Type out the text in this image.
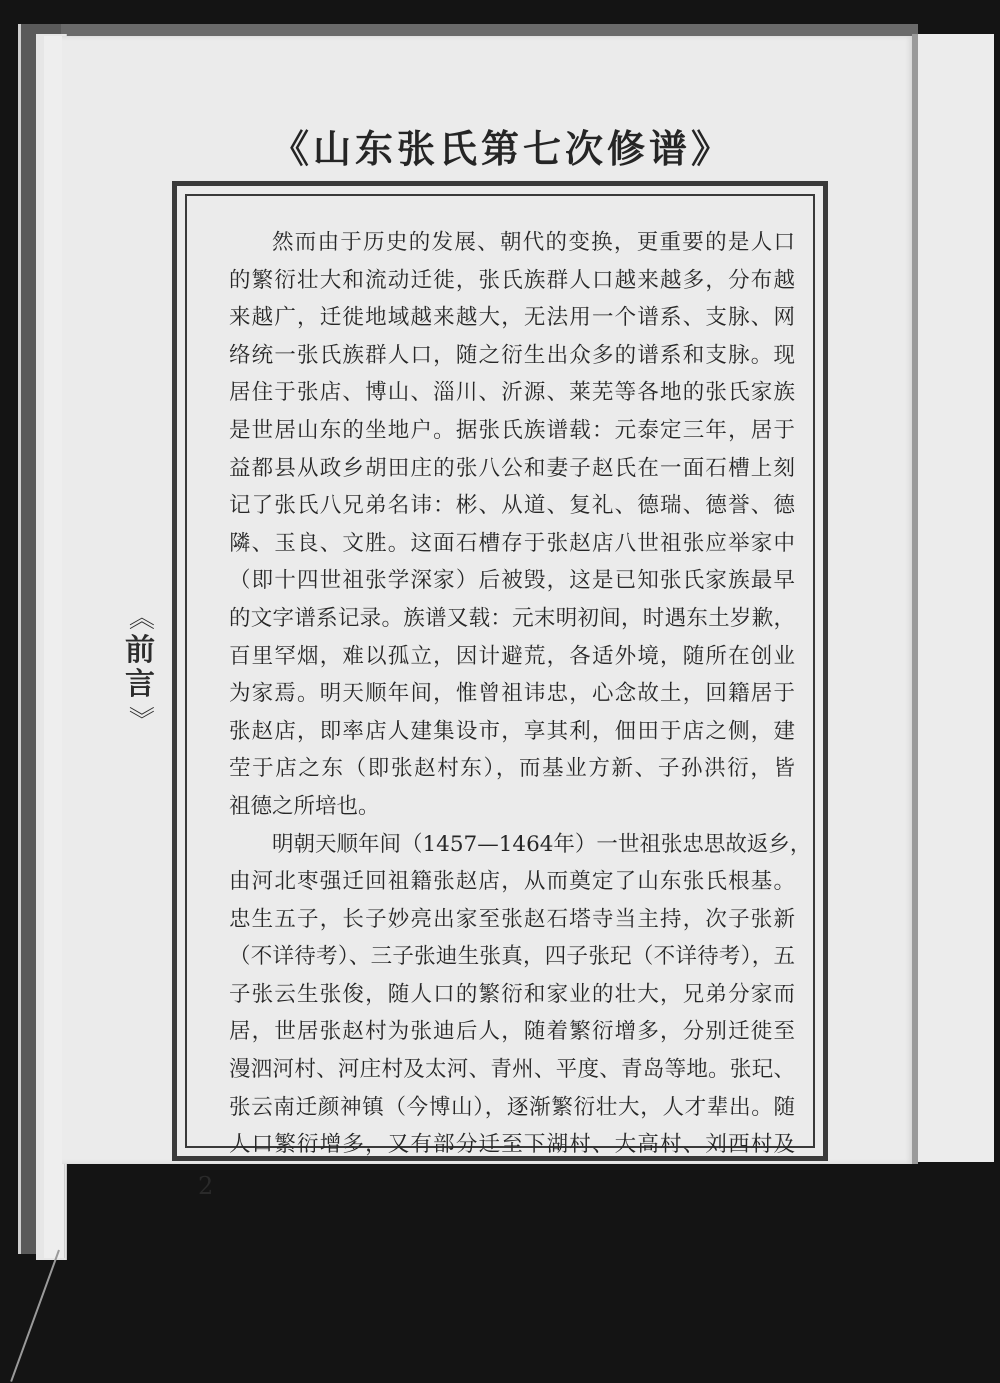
《山东张氏第七次修谱》
《
前
言
》
然而由于历史的发展、朝代的变换，更重要的是人口
的繁衍壮大和流动迁徙，张氏族群人口越来越多，分布越
来越广，迁徙地域越来越大，无法用一个谱系、支脉、网
络统一张氏族群人口，随之衍生出众多的谱系和支脉。现
居住于张店、博山、淄川、沂源、莱芜等各地的张氏家族
是世居山东的坐地户。据张氏族谱载：元泰定三年，居于
益都县从政乡胡田庄的张八公和妻子赵氏在一面石槽上刻
记了张氏八兄弟名讳：彬、从道、复礼、德瑞、德誉、德
隣、玉良、文胜。这面石槽存于张赵店八世祖张应举家中
（即十四世祖张学深家）后被毁，这是已知张氏家族最早
的文字谱系记录。族谱又载：元末明初间，时遇东土岁歉，
百里罕烟，难以孤立，因计避荒，各适外境，随所在创业
为家焉。明天顺年间，惟曾祖讳忠，心念故土，回籍居于
张赵店，即率店人建集设市，享其利，佃田于店之侧，建
茔于店之东（即张赵村东），而基业方新、子孙洪衍，皆
祖德之所培也。
明朝天顺年间（1457—1464年）一世祖张忠思故返乡，
由河北枣强迁回祖籍张赵店，从而奠定了山东张氏根基。
忠生五子，长子妙亮出家至张赵石塔寺当主持，次子张新
（不详待考）、三子张迪生张真，四子张玘（不详待考），五
子张云生张俊，随人口的繁衍和家业的壮大，兄弟分家而
居，世居张赵村为张迪后人，随着繁衍增多，分别迁徙至
漫泗河村、河庄村及太河、青州、平度、青岛等地。张玘、
张云南迁颜神镇（今博山），逐渐繁衍壮大，人才辈出。随
人口繁衍增多，又有部分迁至下湖村、大高村、刘西村及
2
